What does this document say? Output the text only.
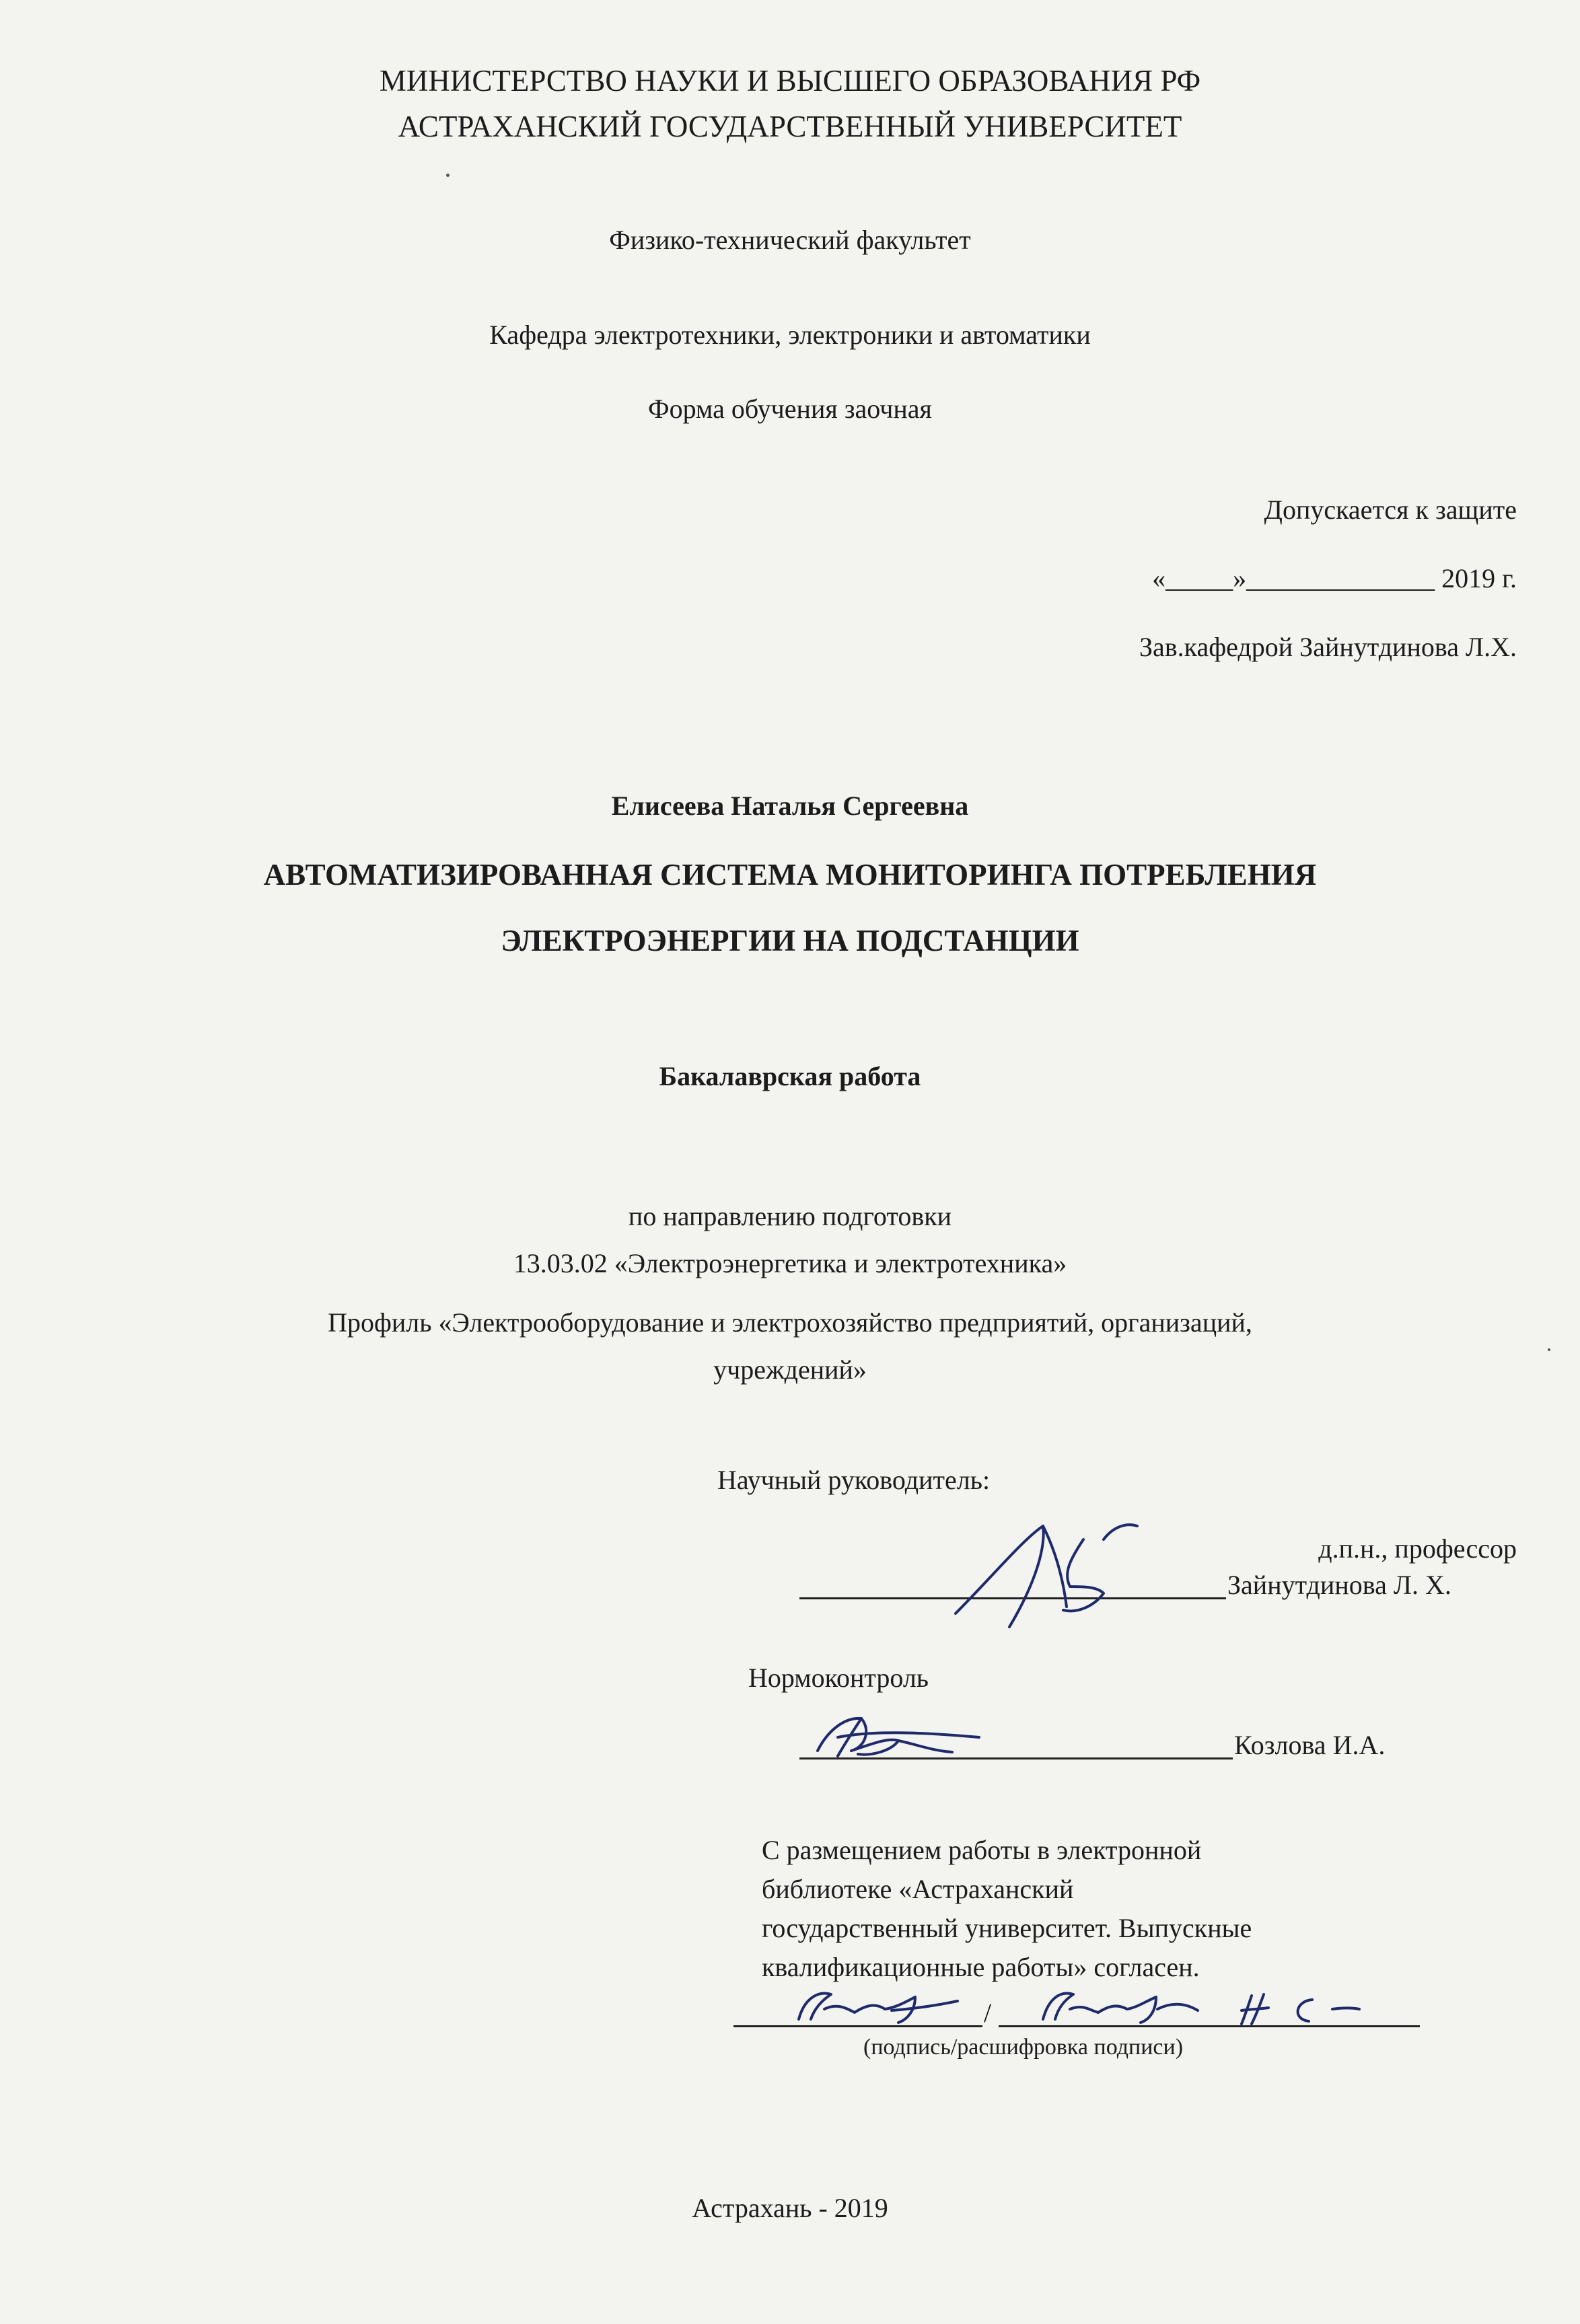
МИНИСТЕРСТВО НАУКИ И ВЫСШЕГО ОБРАЗОВАНИЯ РФ
АСТРАХАНСКИЙ ГОСУДАРСТВЕННЫЙ УНИВЕРСИТЕТ
Физико-технический факультет
Кафедра электротехники, электроники и автоматики
Форма обучения заочная
Допускается к защите
«_____»______________ 2019 г.
Зав.кафедрой Зайнутдинова Л.Х.
Елисеева Наталья Сергеевна
АВТОМАТИЗИРОВАННАЯ СИСТЕМА МОНИТОРИНГА ПОТРЕБЛЕНИЯ
ЭЛЕКТРОЭНЕРГИИ НА ПОДСТАНЦИИ
Бакалаврская работа
по направлению подготовки
13.03.02 «Электроэнергетика и электротехника»
Профиль «Электрооборудование и электрохозяйство предприятий, организаций,
учреждений»
Научный руководитель:
д.п.н., профессор
Зайнутдинова Л. Х.
Нормоконтроль
Козлова И.А.
С размещением работы в электронной
библиотеке «Астраханский
государственный университет. Выпускные
квалификационные работы» согласен.
/
(подпись/расшифровка подписи)
Астрахань - 2019
